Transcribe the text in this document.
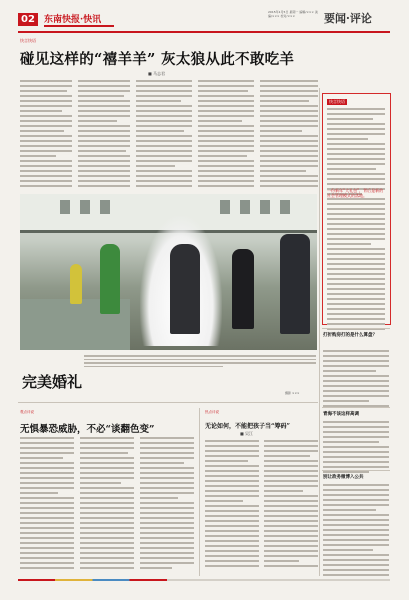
02	东南快报·快讯
2015年1月5日 星期一 编辑/××× 美编/××× 校对/×××	要闻·评论
快言快语
碰见这样的“禧羊羊” 灰太狼从此不敢吃羊
■ 马志君
完美婚礼
摄影 ×××
快言快语
一份新年“大礼包”，背后是新的社会管理模式的落地。
打折购房打的是什么算盘？
青海不该这样高调
别让政务微博入公共
观点评说
无惧暴恐威胁，不必“谈翻色变”
热点评说
无论如何，不能把孩子当“筹码”
■ 吴江
